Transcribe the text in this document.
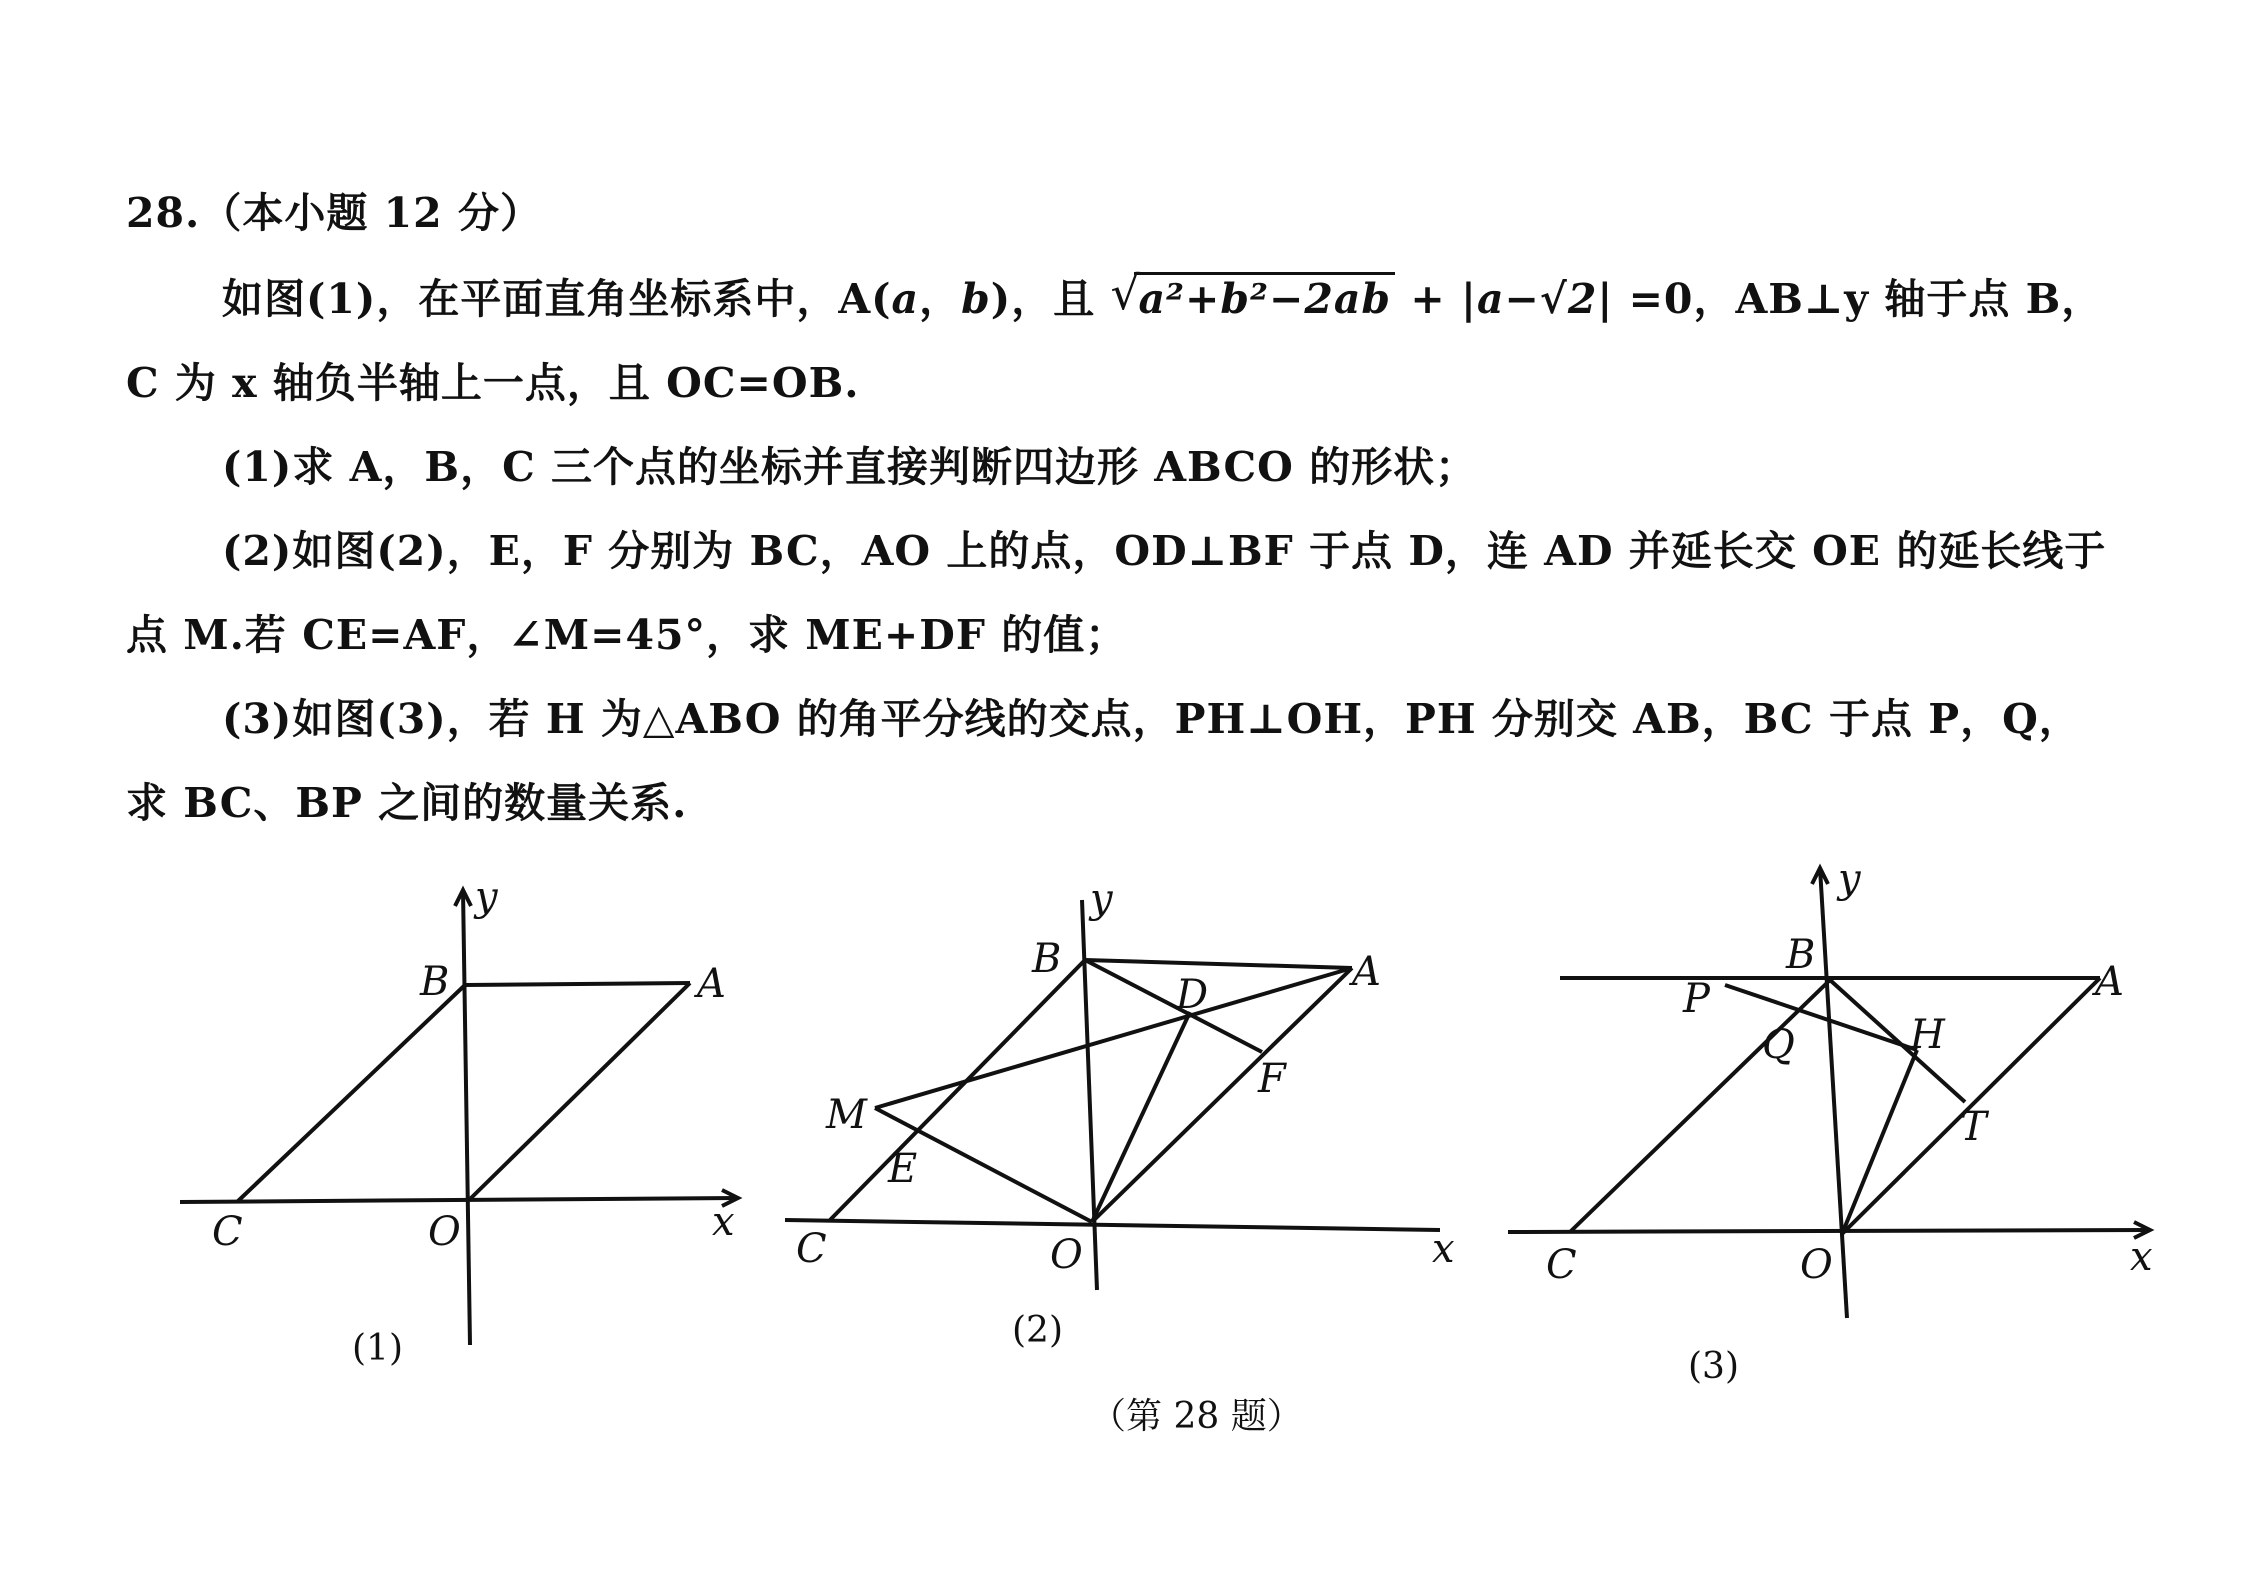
28.（本小题 12 分）
如图(1)，在平面直角坐标系中，A(a，b)，且 √ a²+b²−2ab + |a−√2| =0，AB⊥y 轴于点 B，
C 为 x 轴负半轴上一点，且 OC=OB.
(1)求 A，B，C 三个点的坐标并直接判断四边形 ABCO 的形状；
(2)如图(2)，E，F 分别为 BC，AO 上的点，OD⊥BF 于点 D，连 AD 并延长交 OE 的延长线于
点 M.若 CE=AF，∠M=45°，求 ME+DF 的值；
(3)如图(3)，若 H 为△ABO 的角平分线的交点，PH⊥OH，PH 分别交 AB，BC 于点 P，Q，
求 BC、BP 之间的数量关系.
y
B	A
C	O	x
(1)
y
B	A
D
F
M
E
C	O	x
(2)
y
B
A
P
Q	H
T
C	O	x
(3)
（第 28 题）
